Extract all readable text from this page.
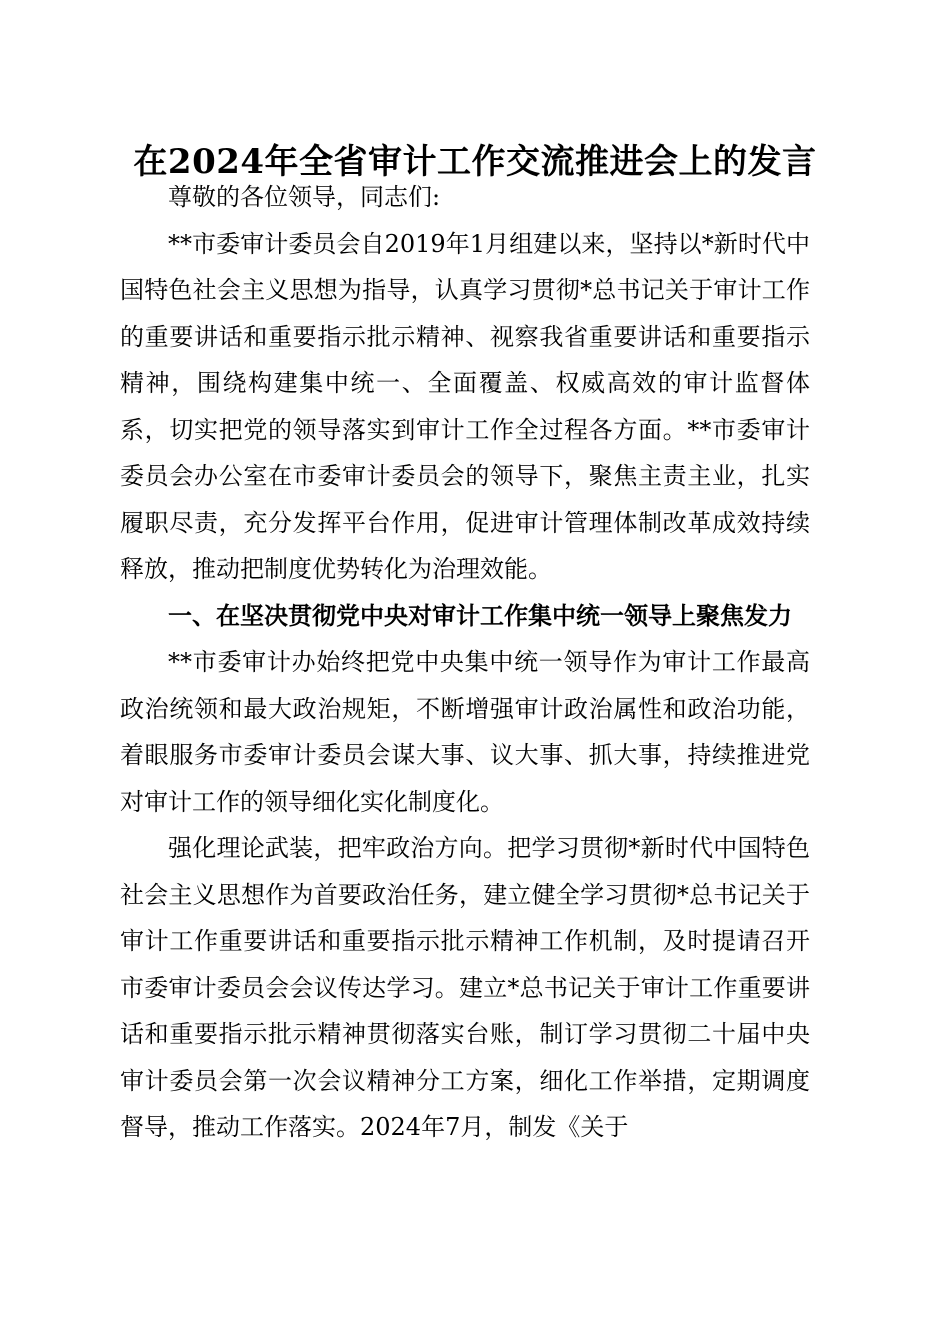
在2024年全省审计工作交流推进会上的发言

尊敬的各位领导，同志们:

**市委审计委员会自2019年1月组建以来，坚持以*新时代中国特色社会主义思想为指导，认真学习贯彻*总书记关于审计工作的重要讲话和重要指示批示精神、视察我省重要讲话和重要指示精神，围绕构建集中统一、全面覆盖、权威高效的审计监督体系，切实把党的领导落实到审计工作全过程各方面。**市委审计委员会办公室在市委审计委员会的领导下，聚焦主责主业，扎实履职尽责，充分发挥平台作用，促进审计管理体制改革成效持续释放，推动把制度优势转化为治理效能。

一、在坚决贯彻党中央对审计工作集中统一领导上聚焦发力

**市委审计办始终把党中央集中统一领导作为审计工作最高政治统领和最大政治规矩，不断增强审计政治属性和政治功能，着眼服务市委审计委员会谋大事、议大事、抓大事，持续推进党对审计工作的领导细化实化制度化。

强化理论武装，把牢政治方向。把学习贯彻*新时代中国特色社会主义思想作为首要政治任务，建立健全学习贯彻*总书记关于审计工作重要讲话和重要指示批示精神工作机制，及时提请召开市委审计委员会会议传达学习。建立*总书记关于审计工作重要讲话和重要指示批示精神贯彻落实台账，制订学习贯彻二十届中央审计委员会第一次会议精神分工方案，细化工作举措，定期调度督导，推动工作落实。2024年7月，制发《关于
